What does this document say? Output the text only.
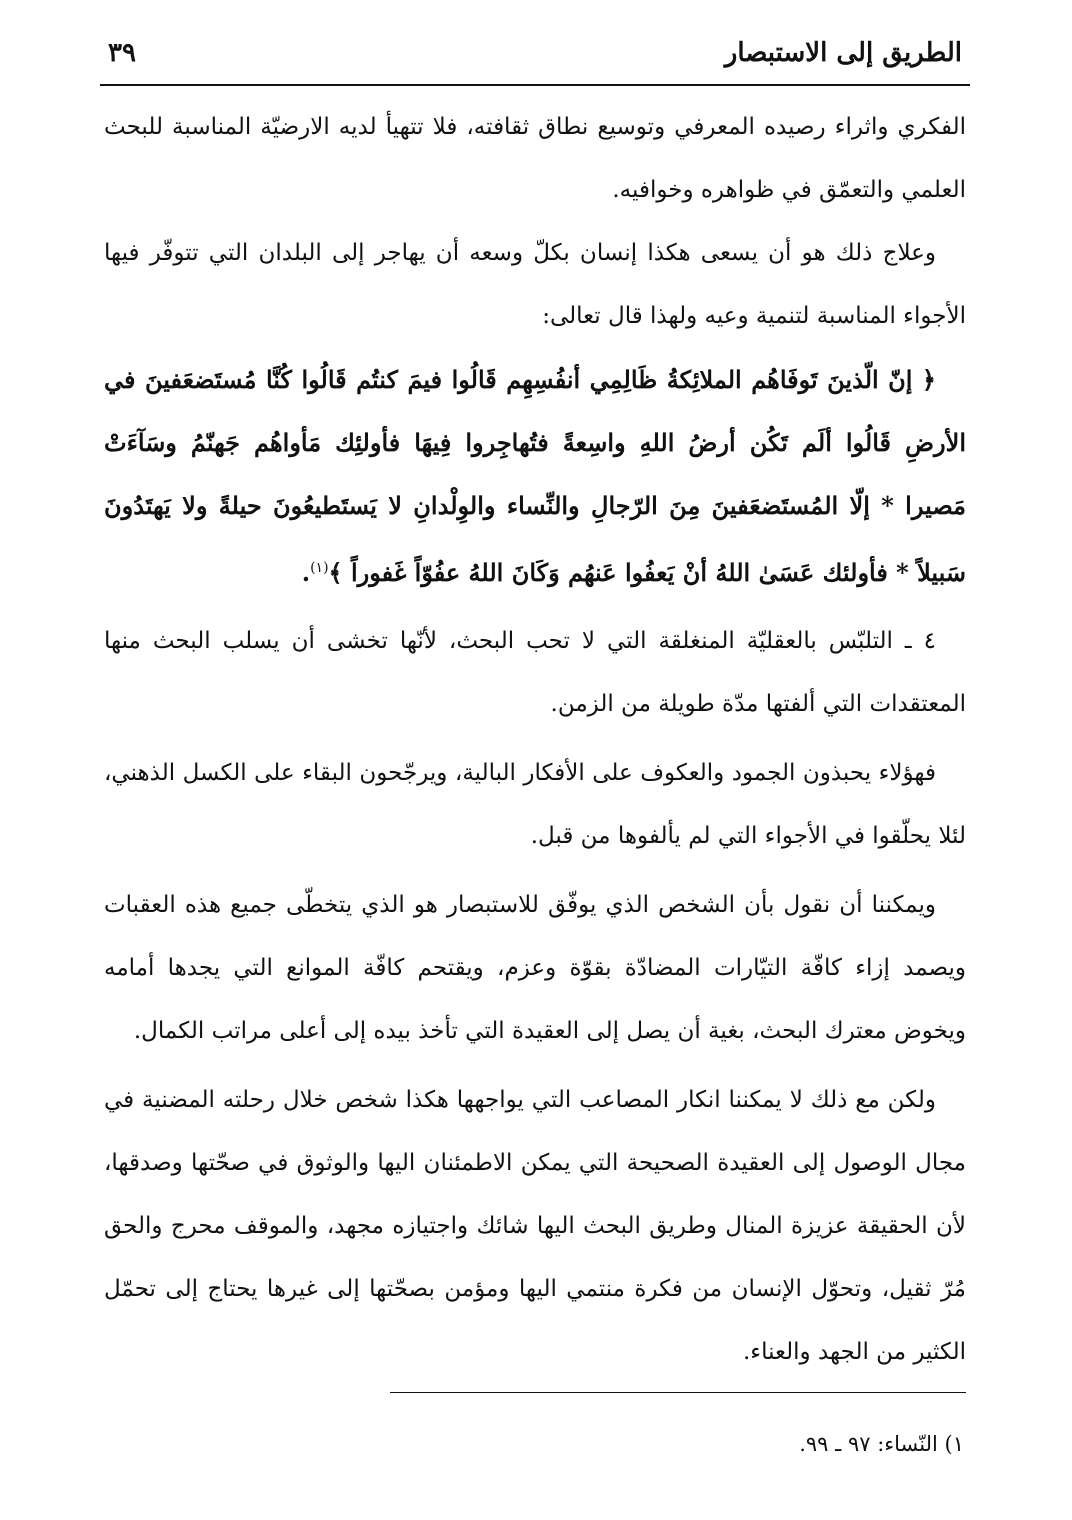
الطريق إلى الاستبصار
٣٩

الفكري واثراء رصيده المعرفي وتوسيع نطاق ثقافته، فلا تتهيأ لديه الارضيّة المناسبة للبحث العلمي والتعمّق في ظواهره وخوافيه.

وعلاج ذلك هو أن يسعى هكذا إنسان بكلّ وسعه أن يهاجر إلى البلدان التي تتوفّر فيها الأجواء المناسبة لتنمية وعيه ولهذا قال تعالى:

﴿ إنّ الّذينَ تَوفَاهُم الملائِكةُ ظَالِمِي أنفُسِهِم قَالُوا فيمَ كنتُم قَالُوا كُنَّا مُستَضعَفينَ في الأرضِ قَالُوا ألَم تَكُن أرضُ اللهِ واسِعةً فتُهاجِروا فِيهَا فأولئِك مَأواهُم جَهنّمُ وسَآءَتْ مَصيرا * إلّا المُستَضعَفينَ مِنَ الرّجالِ والنِّساء والوِلْدانِ لا يَستَطيعُونَ حيلةً ولا يَهتَدُونَ سَبيلاً * فأولئك عَسَىٰ اللهُ أنْ يَعفُوا عَنهُم وَكَانَ اللهُ عفُوّاً غَفوراً ﴾$^{(١)}$.

٤ ـ التلبّس بالعقليّة المنغلقة التي لا تحب البحث، لأنّها تخشى أن يسلب البحث منها المعتقدات التي ألفتها مدّة طويلة من الزمن.

فهؤلاء يحبذون الجمود والعكوف على الأفكار البالية، ويرجّحون البقاء على الكسل الذهني، لئلا يحلّقوا في الأجواء التي لم يألفوها من قبل.

ويمكننا أن نقول بأن الشخص الذي يوفّق للاستبصار هو الذي يتخطّى جميع هذه العقبات ويصمد إزاء كافّة التيّارات المضادّة بقوّة وعزم، ويقتحم كافّة الموانع التي يجدها أمامه ويخوض معترك البحث، بغية أن يصل إلى العقيدة التي تأخذ بيده إلى أعلى مراتب الكمال.

ولكن مع ذلك لا يمكننا انكار المصاعب التي يواجهها هكذا شخص خلال رحلته المضنية في مجال الوصول إلى العقيدة الصحيحة التي يمكن الاطمئنان اليها والوثوق في صحّتها وصدقها، لأن الحقيقة عزيزة المنال وطريق البحث اليها شائك واجتيازه مجهد، والموقف محرج والحق مُرّ ثقيل، وتحوّل الإنسان من فكرة منتمي اليها ومؤمن بصحّتها إلى غيرها يحتاج إلى تحمّل الكثير من الجهد والعناء.

١) النّساء: ٩٧ ـ ٩٩.
